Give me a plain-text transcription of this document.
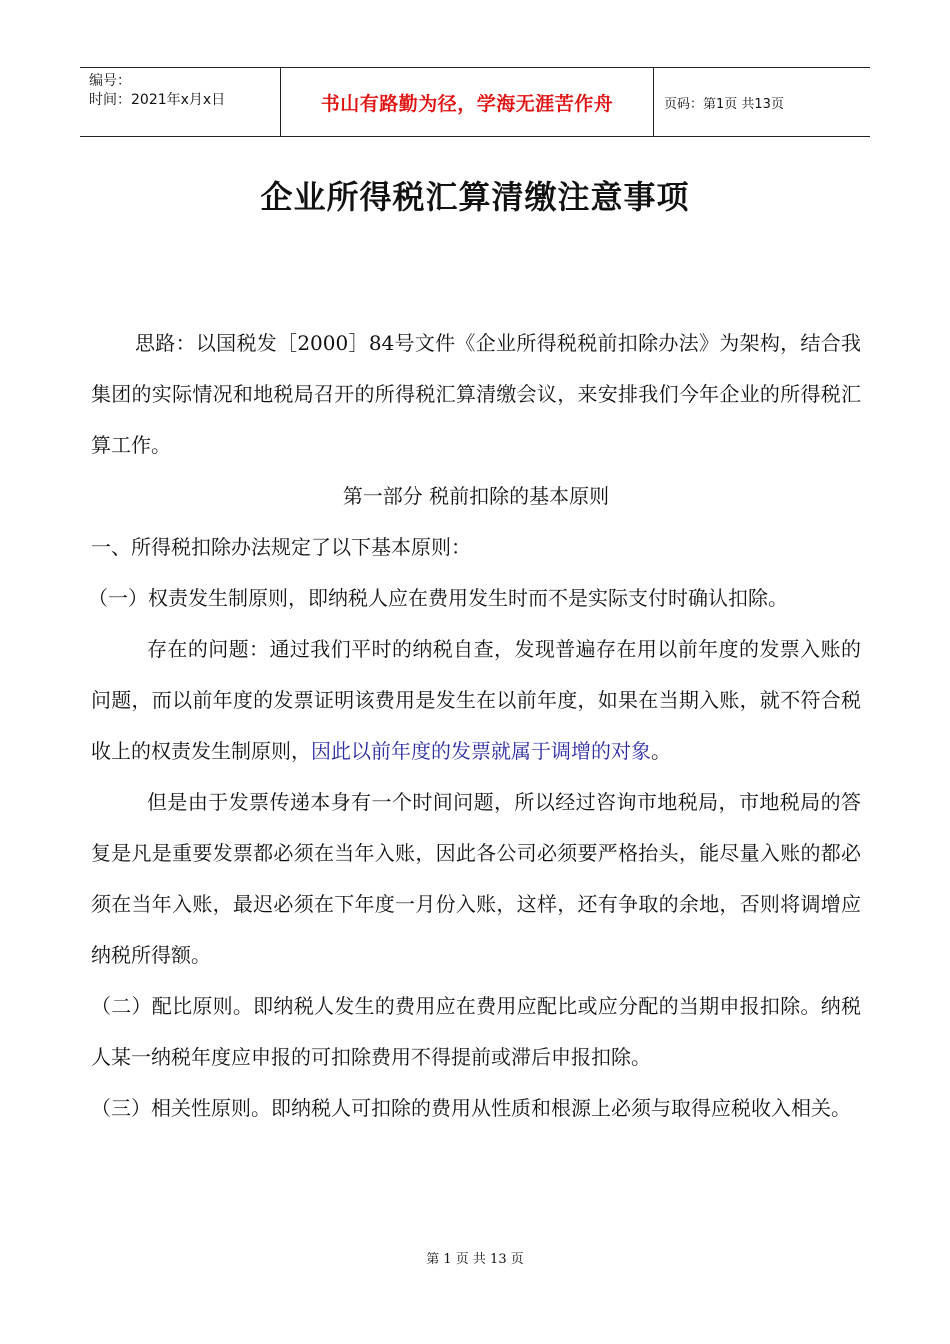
编号：
时间：2021年x月x日	书山有路勤为径，学海无涯苦作舟	页码：第1页 共13页
企业所得税汇算清缴注意事项

思路：以国税发［2000］84号文件《企业所得税税前扣除办法》为架构，结合我集团的实际情况和地税局召开的所得税汇算清缴会议，来安排我们今年企业的所得税汇算工作。

第一部分 税前扣除的基本原则

一、所得税扣除办法规定了以下基本原则：

（一）权责发生制原则，即纳税人应在费用发生时而不是实际支付时确认扣除。

存在的问题：通过我们平时的纳税自查，发现普遍存在用以前年度的发票入账的问题，而以前年度的发票证明该费用是发生在以前年度，如果在当期入账，就不符合税收上的权责发生制原则，因此以前年度的发票就属于调增的对象。

但是由于发票传递本身有一个时间问题，所以经过咨询市地税局，市地税局的答复是凡是重要发票都必须在当年入账，因此各公司必须要严格抬头，能尽量入账的都必须在当年入账，最迟必须在下年度一月份入账，这样，还有争取的余地，否则将调增应纳税所得额。

（二）配比原则。即纳税人发生的费用应在费用应配比或应分配的当期申报扣除。纳税人某一纳税年度应申报的可扣除费用不得提前或滞后申报扣除。

（三）相关性原则。即纳税人可扣除的费用从性质和根源上必须与取得应税收入相关。

第 1 页 共 13 页
